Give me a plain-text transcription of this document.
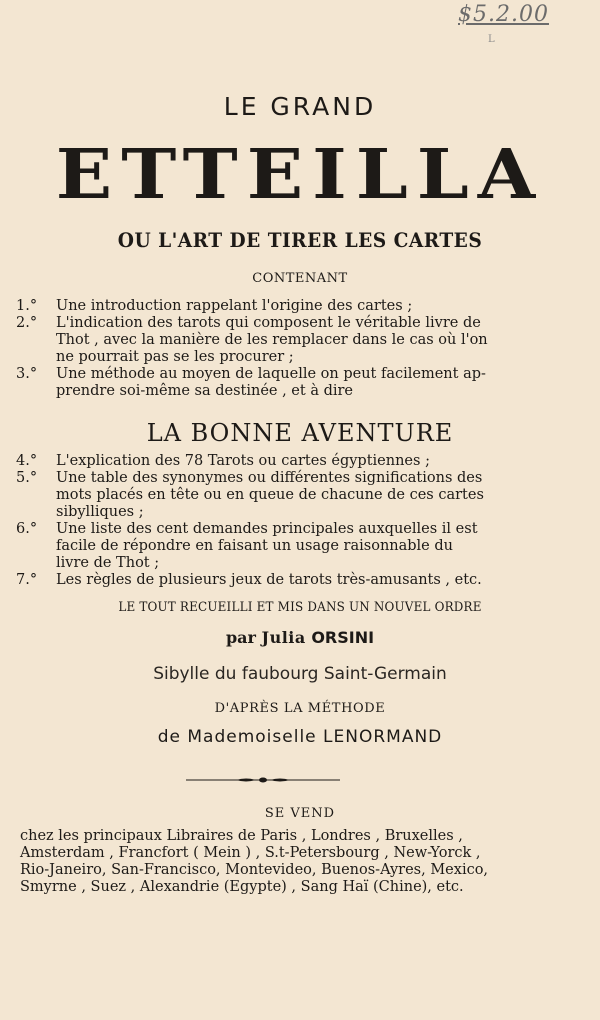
$5.2.00
L
LE GRAND
ETTEILLA
OU L'ART DE TIRER LES CARTES
CONTENANT
1.°	Une introduction rappelant l'origine des cartes ;
2.°	L'indication des tarots qui composent le véritable livre de
Thot , avec la manière de les remplacer dans le cas où l'on
ne pourrait pas se les procurer ;
3.°	Une méthode au moyen de laquelle on peut facilement ap-
prendre soi-même sa destinée , et à dire
LA BONNE AVENTURE
4.°	L'explication des 78 Tarots ou cartes égyptiennes ;
5.°	Une table des synonymes ou différentes significations des
mots placés en tête ou en queue de chacune de ces cartes
sibylliques ;
6.°	Une liste des cent demandes principales auxquelles il est
facile de répondre en faisant un usage raisonnable du
livre de Thot ;
7.°	Les règles de plusieurs jeux de tarots très-amusants , etc.
LE TOUT RECUEILLI ET MIS DANS UN NOUVEL ORDRE
par Julia ORSINI
Sibylle du faubourg Saint-Germain
D'APRÈS LA MÉTHODE
de Mademoiselle LENORMAND
SE VEND
chez les principaux Libraires de Paris , Londres , Bruxelles ,
Amsterdam , Francfort ( Mein ) , S.t-Petersbourg , New-Yorck ,
Rio-Janeiro, San-Francisco, Montevideo, Buenos-Ayres, Mexico,
Smyrne , Suez , Alexandrie (Egypte) , Sang Haï (Chine), etc.
